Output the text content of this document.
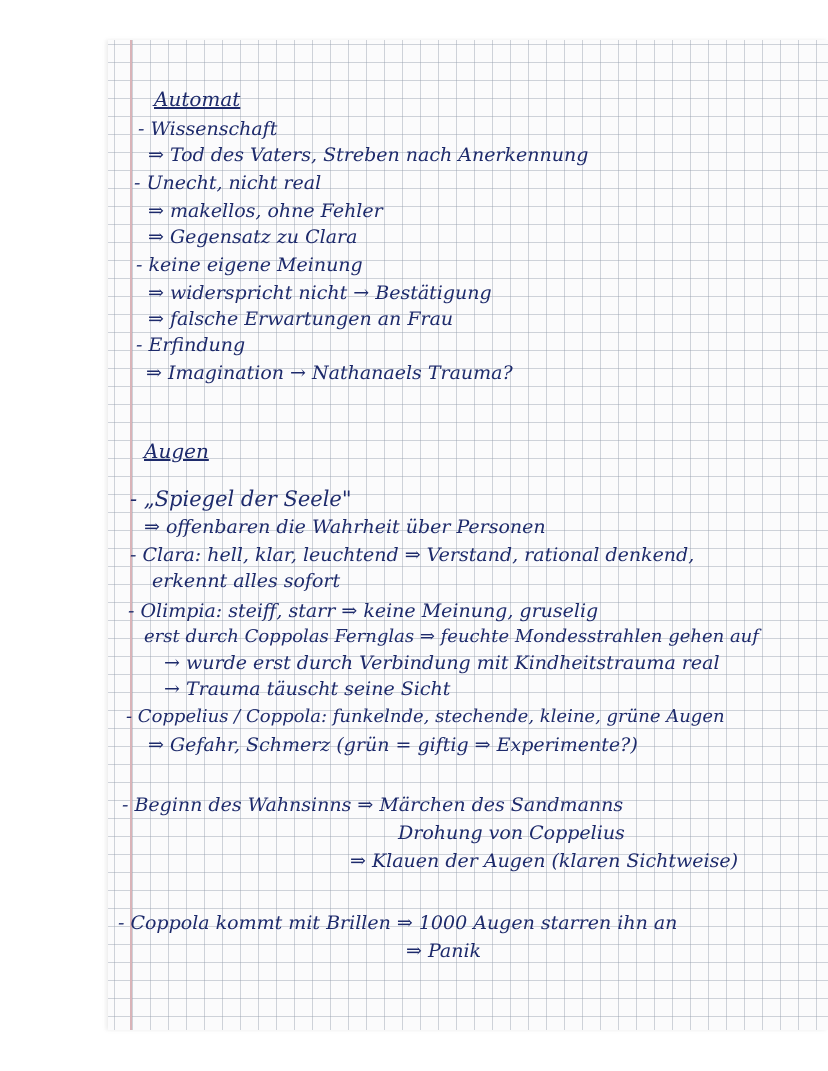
Automat
- Wissenschaft
⇒ Tod des Vaters, Streben nach Anerkennung
- Unecht, nicht real
⇒ makellos, ohne Fehler
⇒ Gegensatz zu Clara
- keine eigene Meinung
⇒ widerspricht nicht → Bestätigung
⇒ falsche Erwartungen an Frau
- Erfindung
⇒ Imagination → Nathanaels Trauma?
Augen
- „Spiegel der Seele"
⇒ offenbaren die Wahrheit über Personen
- Clara: hell, klar, leuchtend ⇒ Verstand, rational denkend,
erkennt alles sofort
- Olimpia: steiff, starr ⇒ keine Meinung, gruselig
erst durch Coppolas Fernglas ⇒ feuchte Mondesstrahlen gehen auf
→ wurde erst durch Verbindung mit Kindheitstrauma real
→ Trauma täuscht seine Sicht
- Coppelius / Coppola: funkelnde, stechende, kleine, grüne Augen
⇒ Gefahr, Schmerz (grün = giftig ⇒ Experimente?)
- Beginn des Wahnsinns ⇒ Märchen des Sandmanns
Drohung von Coppelius
⇒ Klauen der Augen (klaren Sichtweise)
- Coppola kommt mit Brillen ⇒ 1000 Augen starren ihn an
⇒ Panik
